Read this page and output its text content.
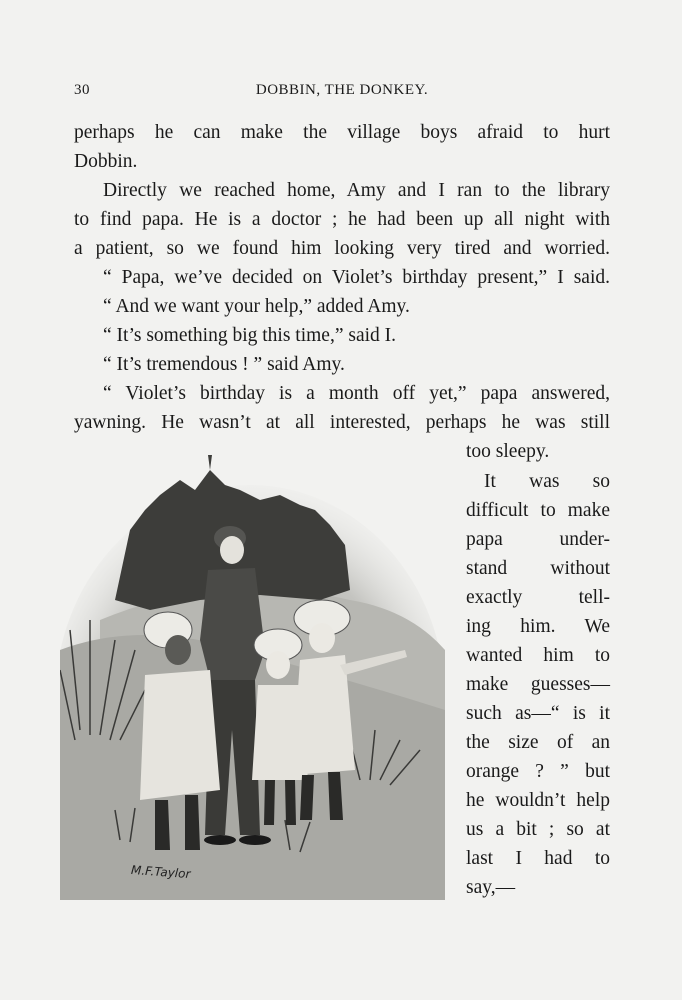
30	DOBBIN, THE DONKEY.
perhaps he can make the village boys afraid to hurt
Dobbin.
Directly we reached home, Amy and I ran to the library
to find papa. He is a doctor ; he had been up all night with
a patient, so we found him looking very tired and worried.
“ Papa, we’ve decided on Violet’s birthday present,” I said.
“ And we want your help,” added Amy.
“ It’s something big this time,” said I.
“ It’s tremendous ! ” said Amy.
“ Violet’s birthday is a month off yet,” papa answered,
yawning. He wasn’t at all interested, perhaps he was still
too sleepy.
It was so
difficult to make
papa under-
stand without
exactly tell-
ing him. We
wanted him to
make guesses—
such as—“ is it
the size of an
orange ? ” but
he wouldn’t help
us a bit ; so at
last I had to
say,—
M.F.Taylor
